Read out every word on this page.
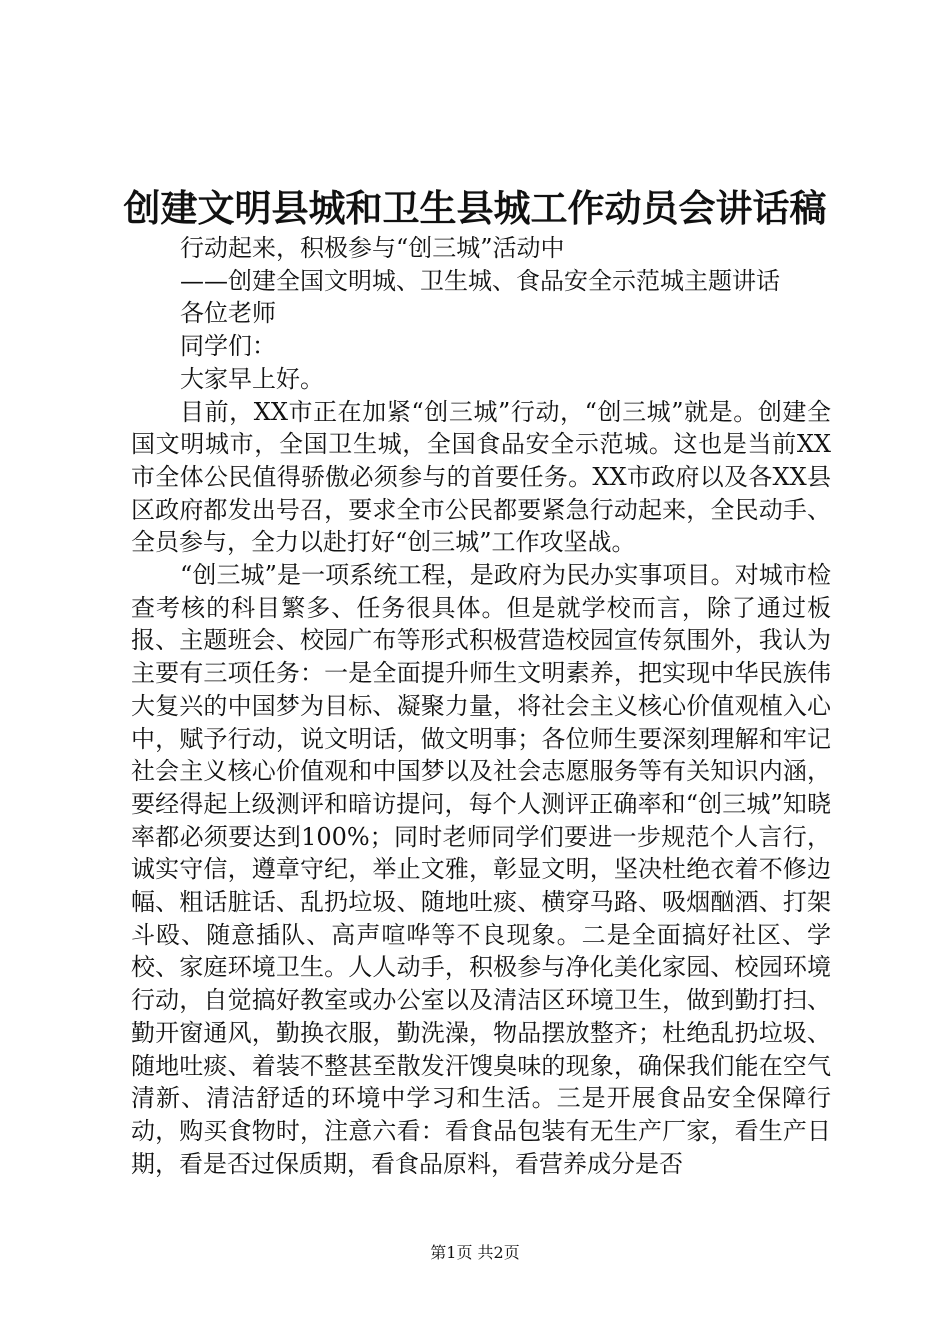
创建文明县城和卫生县城工作动员会讲话稿
行动起来，积极参与“创三城”活动中
——创建全国文明城、卫生城、食品安全示范城主题讲话
各位老师
同学们：
大家早上好。
目前，XX市正在加紧“创三城”行动，“创三城”就是。创建全国文明城市，全国卫生城，全国食品安全示范城。这也是当前XX市全体公民值得骄傲必须参与的首要任务。XX市政府以及各XX县区政府都发出号召，要求全市公民都要紧急行动起来，全民动手、全员参与，全力以赴打好“创三城”工作攻坚战。
“创三城”是一项系统工程，是政府为民办实事项目。对城市检查考核的科目繁多、任务很具体。但是就学校而言，除了通过板报、主题班会、校园广布等形式积极营造校园宣传氛围外，我认为主要有三项任务：一是全面提升师生文明素养，把实现中华民族伟大复兴的中国梦为目标、凝聚力量，将社会主义核心价值观植入心中，赋予行动，说文明话，做文明事；各位师生要深刻理解和牢记社会主义核心价值观和中国梦以及社会志愿服务等有关知识内涵，要经得起上级测评和暗访提问，每个人测评正确率和“创三城”知晓率都必须要达到100%；同时老师同学们要进一步规范个人言行，诚实守信，遵章守纪，举止文雅，彰显文明，坚决杜绝衣着不修边幅、粗话脏话、乱扔垃圾、随地吐痰、横穿马路、吸烟酗酒、打架斗殴、随意插队、高声喧哗等不良现象。二是全面搞好社区、学校、家庭环境卫生。人人动手，积极参与净化美化家园、校园环境行动，自觉搞好教室或办公室以及清洁区环境卫生，做到勤打扫、勤开窗通风，勤换衣服，勤洗澡，物品摆放整齐；杜绝乱扔垃圾、随地吐痰、着装不整甚至散发汗馊臭味的现象，确保我们能在空气清新、清洁舒适的环境中学习和生活。三是开展食品安全保障行动，购买食物时，注意六看：看食品包装有无生产厂家，看生产日期，看是否过保质期，看食品原料，看营养成分是否
第1页 共2页
